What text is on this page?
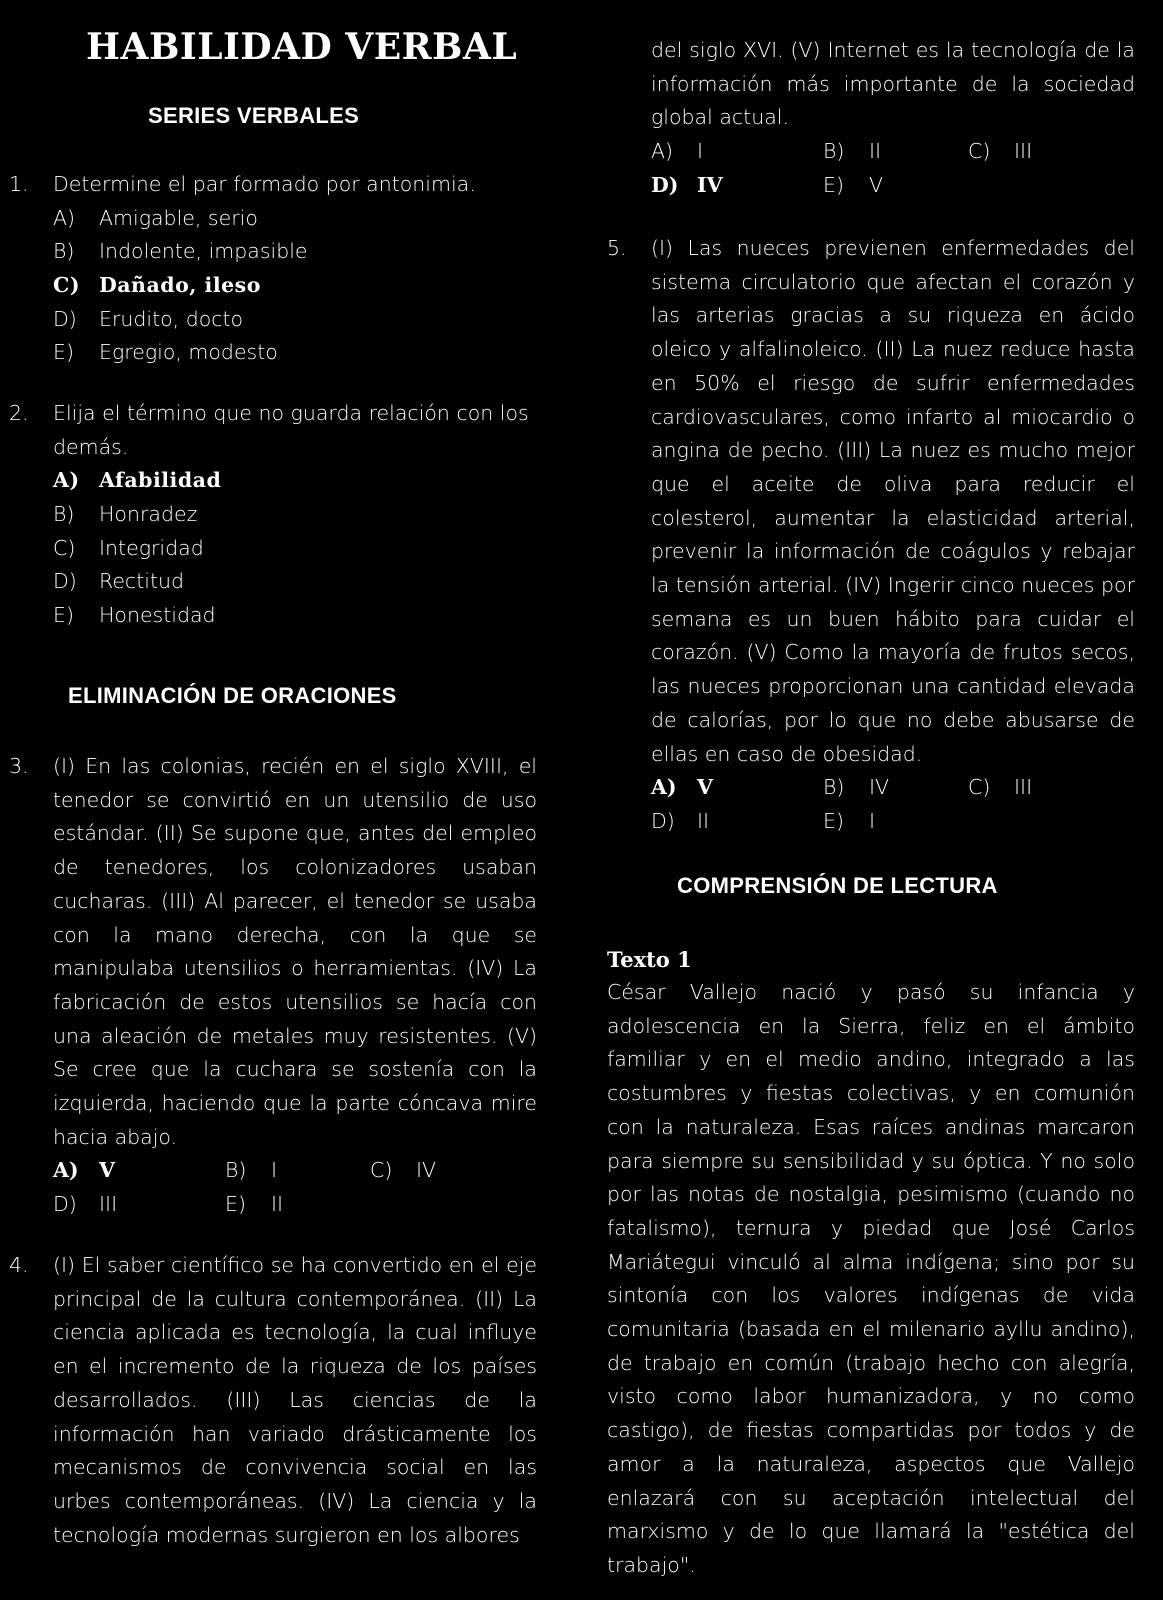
HABILIDAD VERBAL
SERIES VERBALES
1. Determine el par formado por antonimia.

A)	Amigable, serio
B)	Indolente, impasible
C) Dañado, ileso
D)	Erudito, docto
E)	Egregio, modesto
2. Elija el término que no guarda relación con los demás.

A) Afabilidad
B)	Honradez
C)	Integridad
D)	Rectitud
E)	Honestidad
ELIMINACIÓN DE ORACIONES
3. (I) En las colonias, recién en el siglo XVIII, el tenedor se convirtió en un utensilio de uso estándar. (II) Se supone que, antes del empleo de tenedores, los colonizadores usaban cucharas. (III) Al parecer, el tenedor se usaba con la mano derecha, con la que se manipulaba utensilios o herramientas. (IV) La fabricación de estos utensilios se hacía con una aleación de metales muy resistentes. (V) Se cree que la cuchara se sostenía con la izquierda, haciendo que la parte cóncava mire hacia abajo.

A) V	B)	I	C)	IV
D)	III	E)	II
4. (I) El saber científico se ha convertido en el eje principal de la cultura contemporánea. (II) La ciencia aplicada es tecnología, la cual influye en el incremento de la riqueza de los países desarrollados. (III) Las ciencias de la información han variado drásticamente los mecanismos de convivencia social en las urbes contemporáneas. (IV) La ciencia y la tecnología modernas surgieron en los albores

del siglo XVI. (V) Internet es la tecnología de la información más importante de la sociedad global actual.

A)	I	B)	II	C)	III
D) IV	E)	V
5. (I) Las nueces previenen enfermedades del sistema circulatorio que afectan el corazón y las arterias gracias a su riqueza en ácido oleico y alfalinoleico. (II) La nuez reduce hasta en 50% el riesgo de sufrir enfermedades cardiovasculares, como infarto al miocardio o angina de pecho. (III) La nuez es mucho mejor que el aceite de oliva para reducir el colesterol, aumentar la elasticidad arterial, prevenir la información de coágulos y rebajar la tensión arterial. (IV) Ingerir cinco nueces por semana es un buen hábito para cuidar el corazón. (V) Como la mayoría de frutos secos, las nueces proporcionan una cantidad elevada de calorías, por lo que no debe abusarse de ellas en caso de obesidad.

A) V	B)	IV	C)	III
D)	II	E)	I
COMPRENSIÓN DE LECTURA
Texto 1

César Vallejo nació y pasó su infancia y adolescencia en la Sierra, feliz en el ámbito familiar y en el medio andino, integrado a las costumbres y fiestas colectivas, y en comunión con la naturaleza. Esas raíces andinas marcaron para siempre su sensibilidad y su óptica. Y no solo por las notas de nostalgia, pesimismo (cuando no fatalismo), ternura y piedad que José Carlos Mariátegui vinculó al alma indígena; sino por su sintonía con los valores indígenas de vida comunitaria (basada en el milenario ayllu andino), de trabajo en común (trabajo hecho con alegría, visto como labor humanizadora, y no como castigo), de fiestas compartidas por todos y de amor a la naturaleza, aspectos que Vallejo enlazará con su aceptación intelectual del marxismo y de lo que llamará la "estética del trabajo".
